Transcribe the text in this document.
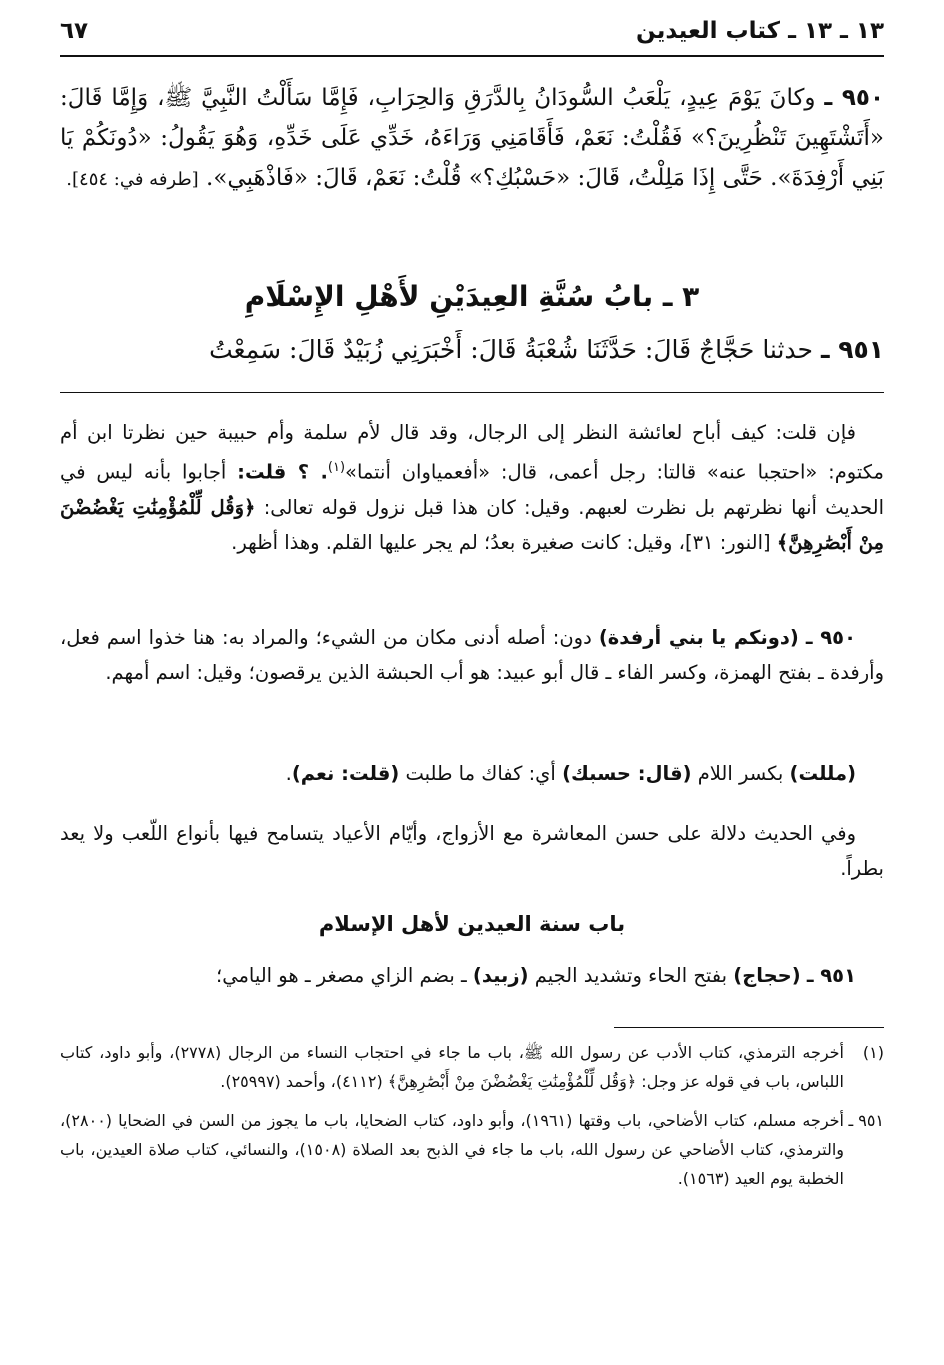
١٣ ـ ١٣ ـ كتاب العيدين
٦٧
٩٥٠ ـ وكانَ يَوْمَ عِيدٍ، يَلْعَبُ السُّودَانُ بِالدَّرَقِ وَالحِرَابِ، فَإِمَّا سَأَلْتُ النَّبِيَّ ﷺ، وَإِمَّا قَالَ: «أَتَشْتَهِينَ تَنْظُرِينَ؟» فَقُلْتُ: نَعَمْ، فَأَقَامَنِي وَرَاءَهُ، خَدِّي عَلَى خَدِّهِ، وَهُوَ يَقُولُ: «دُونَكُمْ يَا بَنِي أَرْفِدَةَ». حَتَّى إِذَا مَلِلْتُ، قَالَ: «حَسْبُكِ؟» قُلْتُ: نَعَمْ، قَالَ: «فَاذْهَبِي». [طرفه في: ٤٥٤].
٣ ـ بابُ سُنَّةِ العِيدَيْنِ لأَهْلِ الإِسْلَامِ
٩٥١ ـ حدثنا حَجَّاجٌ قَالَ: حَدَّثَنَا شُعْبَةُ قَالَ: أَخْبَرَنِي زُبَيْدٌ قَالَ: سَمِعْتُ

فإن قلت: كيف أباح لعائشة النظر إلى الرجال، وقد قال لأم سلمة وأم حبيبة حين نظرتا ابن أم مكتوم: «احتجبا عنه» قالتا: رجل أعمى، قال: «أفعمياوان أنتما»$^{(١)}$. ؟ قلت: أجابوا بأنه ليس في الحديث أنها نظرتهم بل نظرت لعبهم. وقيل: كان هذا قبل نزول قوله تعالى: ﴿وَقُل لِّلْمُؤْمِنَٰتِ يَغْضُضْنَ مِنْ أَبْصَٰرِهِنَّ﴾ [النور: ٣١]، وقيل: كانت صغيرة بعدُ؛ لم يجر عليها القلم. وهذا أظهر.

٩٥٠ ـ (دونكم يا بني أرفدة) دون: أصله أدنى مكان من الشيء؛ والمراد به: هنا خذوا اسم فعل، وأرفدة ـ بفتح الهمزة، وكسر الفاء ـ قال أبو عبيد: هو أب الحبشة الذين يرقصون؛ وقيل: اسم أمهم.

(مللت) بكسر اللام (قال: حسبك) أي: كفاك ما طلبت (قلت: نعم).

وفي الحديث دلالة على حسن المعاشرة مع الأزواج، وأيّام الأعياد يتسامح فيها بأنواع اللّعب ولا يعد بطراً.

باب سنة العيدين لأهل الإسلام

٩٥١ ـ (حجاج) بفتح الحاء وتشديد الجيم (زبيد) ـ بضم الزاي مصغر ـ هو اليامي؛

(١)
أخرجه الترمذي، كتاب الأدب عن رسول الله ﷺ، باب ما جاء في احتجاب النساء من الرجال (٢٧٧٨)، وأبو داود، كتاب اللباس، باب في قوله عز وجل: ﴿وَقُل لِّلْمُؤْمِنَٰتِ يَغْضُضْنَ مِنْ أَبْصَٰرِهِنَّ﴾ (٤١١٢)، وأحمد (٢٥٩٩٧).
٩٥١ ـ
أخرجه مسلم، كتاب الأضاحي، باب وقتها (١٩٦١)، وأبو داود، كتاب الضحايا، باب ما يجوز من السن في الضحايا (٢٨٠٠)، والترمذي، كتاب الأضاحي عن رسول الله، باب ما جاء في الذبح بعد الصلاة (١٥٠٨)، والنسائي، كتاب صلاة العيدين، باب الخطبة يوم العيد (١٥٦٣).
